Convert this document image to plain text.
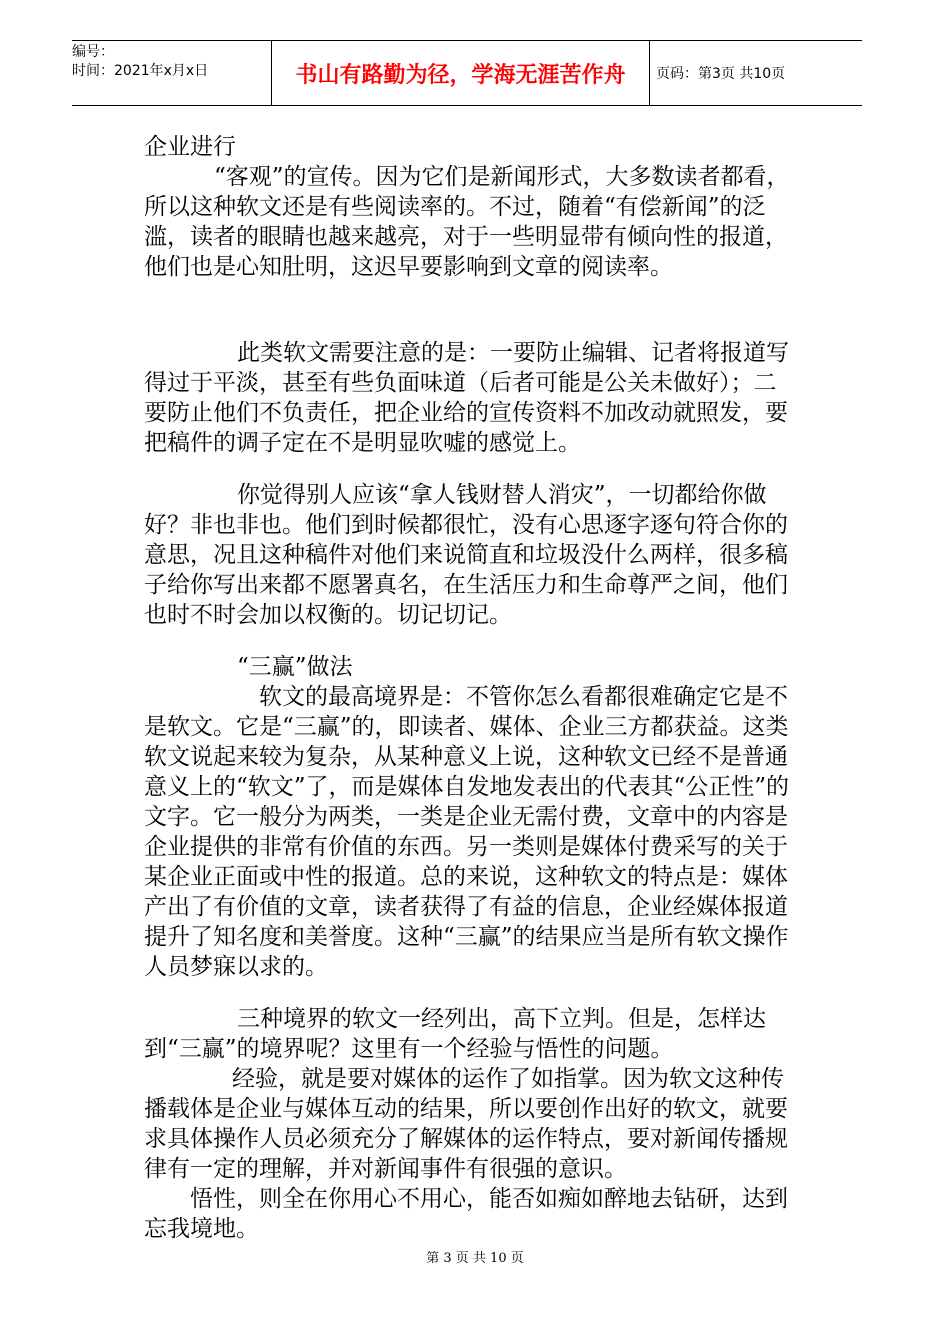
编号：
时间：2021年x月x日	书山有路勤为径，学海无涯苦作舟	页码：第3页 共10页

企业进行

“客观”的宣传。因为它们是新闻形式，大多数读者都看，所以这种软文还是有些阅读率的。不过，随着“有偿新闻”的泛滥，读者的眼睛也越来越亮，对于一些明显带有倾向性的报道，他们也是心知肚明，这迟早要影响到文章的阅读率。

此类软文需要注意的是：一要防止编辑、记者将报道写得过于平淡，甚至有些负面味道（后者可能是公关未做好）；二要防止他们不负责任，把企业给的宣传资料不加改动就照发，要把稿件的调子定在不是明显吹嘘的感觉上。

你觉得别人应该“拿人钱财替人消灾”，一切都给你做好？非也非也。他们到时候都很忙，没有心思逐字逐句符合你的意思，况且这种稿件对他们来说简直和垃圾没什么两样，很多稿子给你写出来都不愿署真名，在生活压力和生命尊严之间，他们也时不时会加以权衡的。切记切记。

“三赢”做法

软文的最高境界是：不管你怎么看都很难确定它是不是软文。它是“三赢”的，即读者、媒体、企业三方都获益。这类软文说起来较为复杂，从某种意义上说，这种软文已经不是普通意义上的“软文”了，而是媒体自发地发表出的代表其“公正性”的文字。它一般分为两类，一类是企业无需付费，文章中的内容是企业提供的非常有价值的东西。另一类则是媒体付费采写的关于某企业正面或中性的报道。总的来说，这种软文的特点是：媒体产出了有价值的文章，读者获得了有益的信息，企业经媒体报道提升了知名度和美誉度。这种“三赢”的结果应当是所有软文操作人员梦寐以求的。

三种境界的软文一经列出，高下立判。但是，怎样达到“三赢”的境界呢？这里有一个经验与悟性的问题。

经验，就是要对媒体的运作了如指掌。因为软文这种传播载体是企业与媒体互动的结果，所以要创作出好的软文，就要求具体操作人员必须充分了解媒体的运作特点，要对新闻传播规律有一定的理解，并对新闻事件有很强的意识。

悟性，则全在你用心不用心，能否如痴如醉地去钻研，达到忘我境地。

第 3 页 共 10 页
